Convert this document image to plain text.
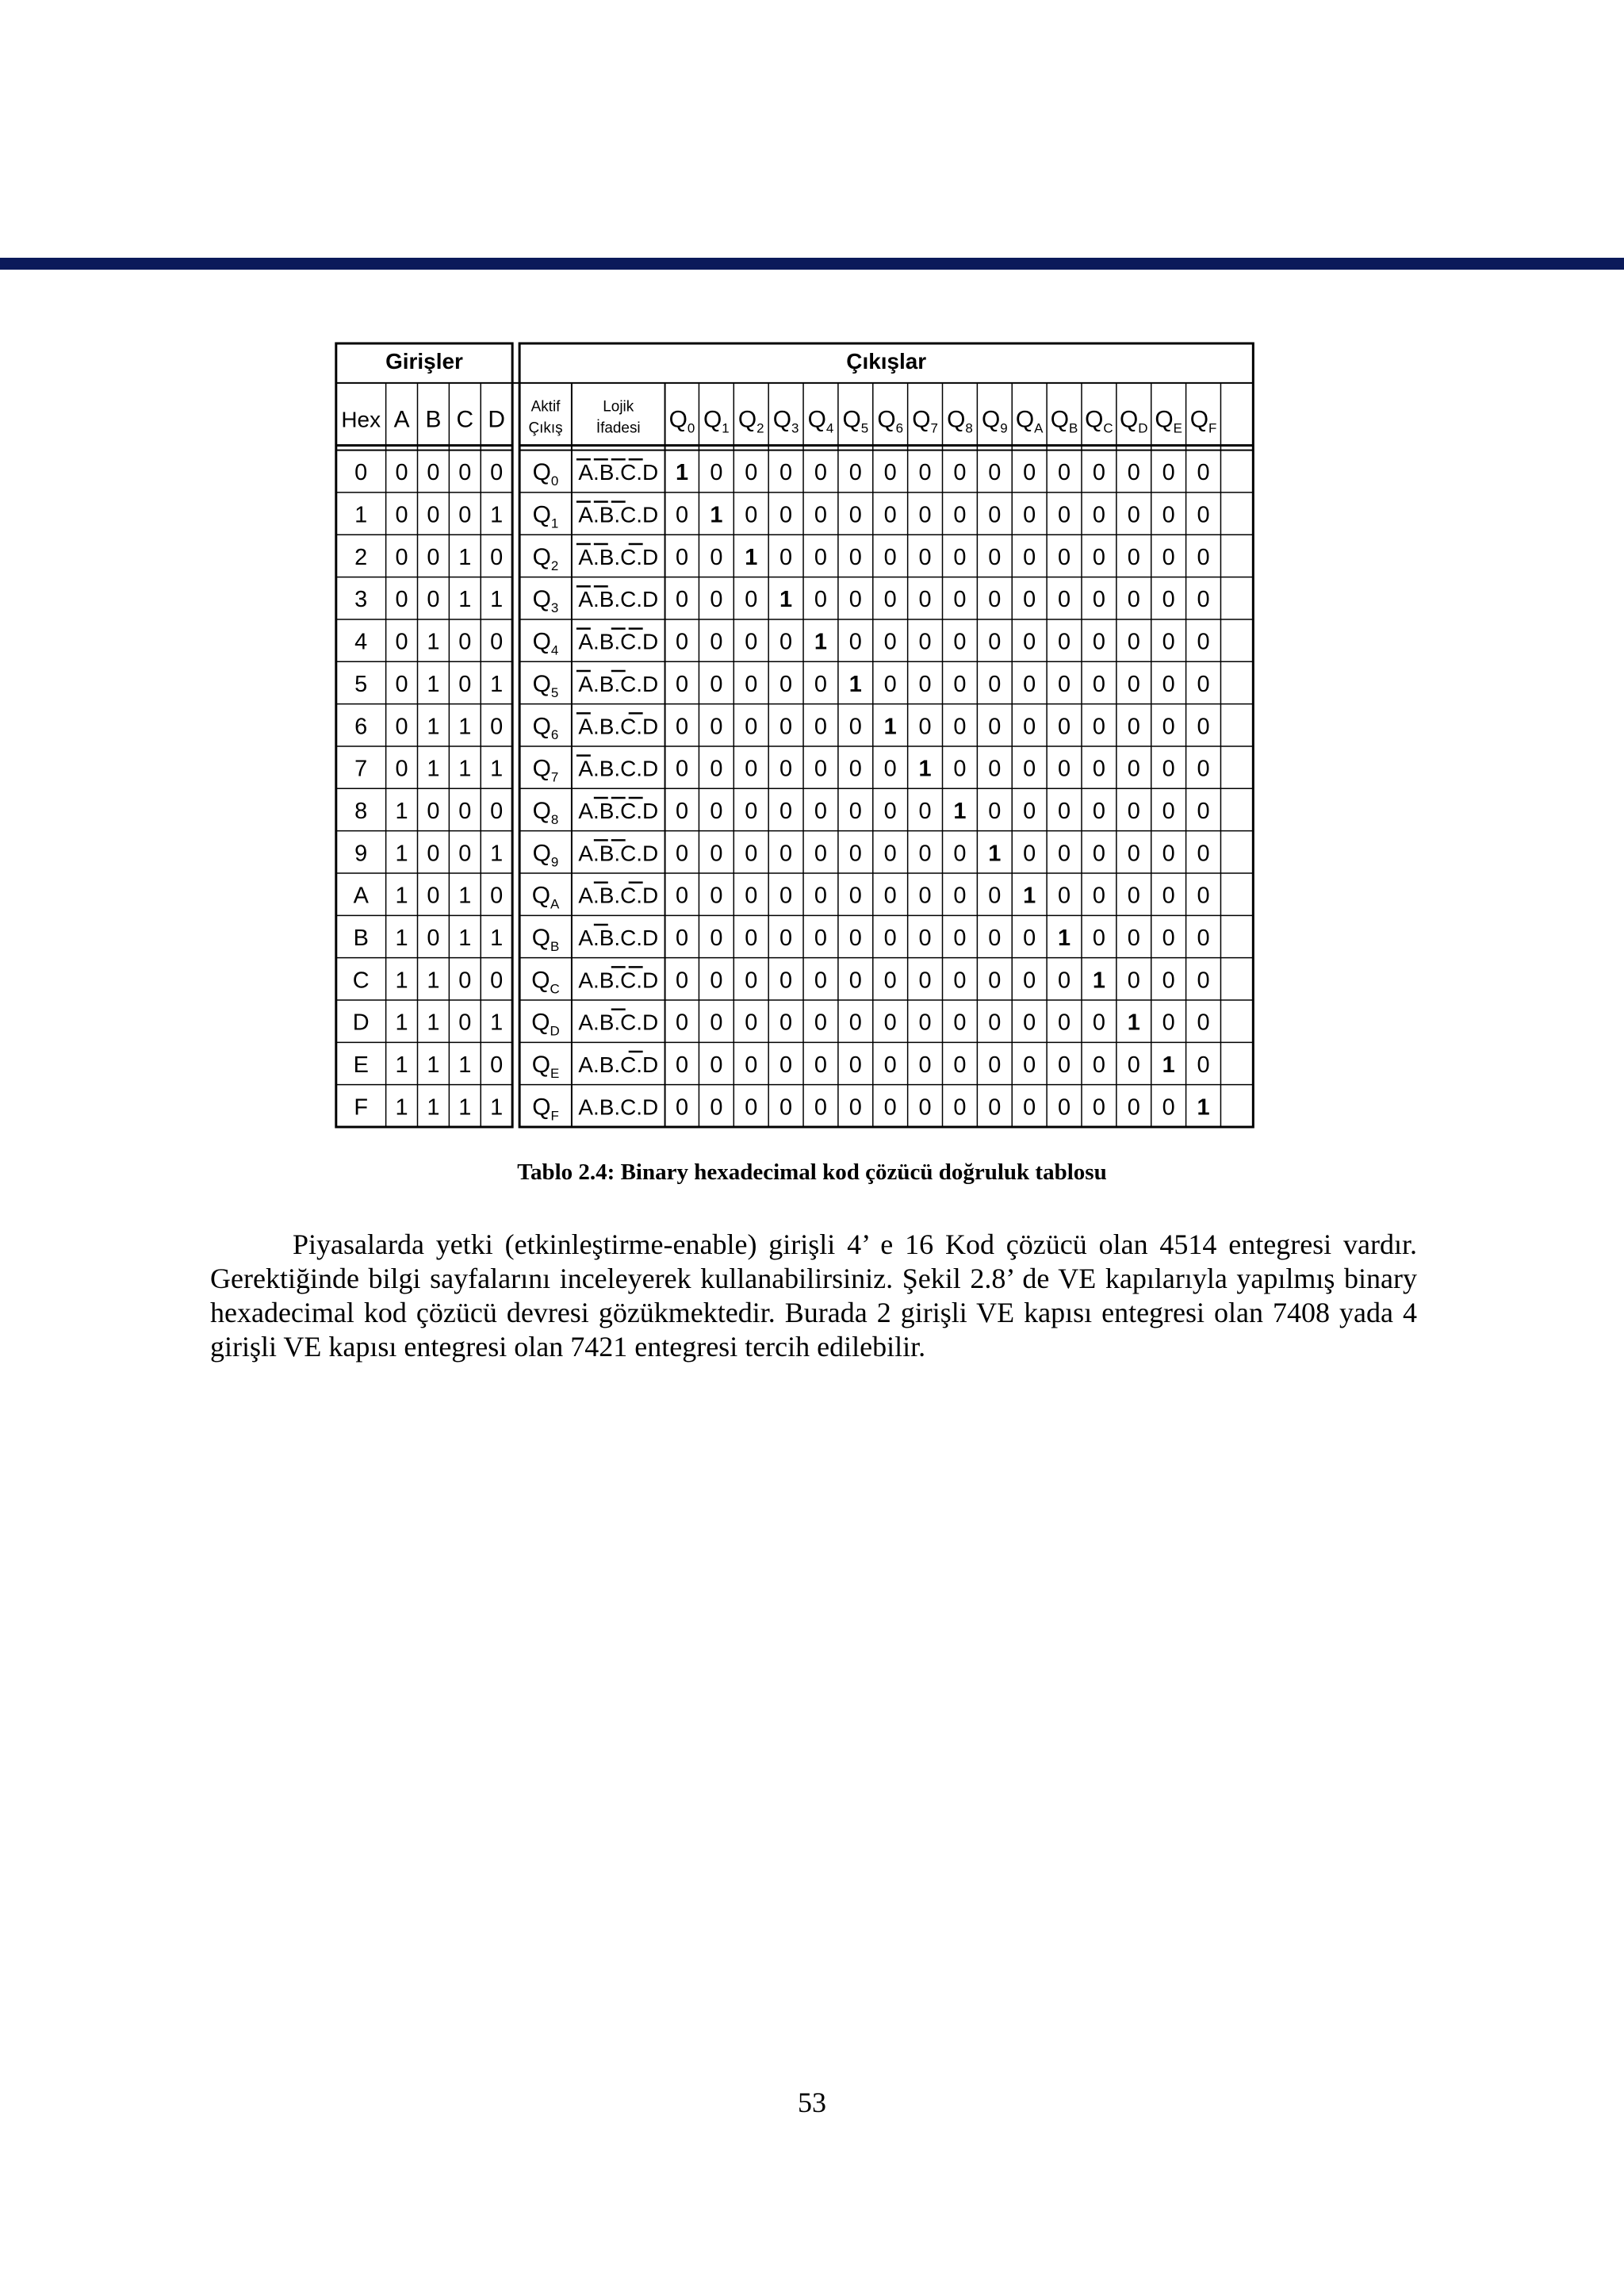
Girişler	Çıkışlar
Hex A B C D Aktif
Çıkış
Lojik
İfadesi $Q_0$ $Q_1$ $Q_2$ $Q_3$ $Q_4$ $Q_5$ $Q_6$ $Q_7$ $Q_8$ $Q_9$ $Q_A$ $Q_B$ $Q_C$ $Q_D$ $Q_E$ $Q_F$
0 0 0 0 0 $Q_0$ A.B.C.D 1 0 0 0 0 0 0 0 0 0 0 0 0 0 0 0
1 0 0 0 1 $Q_1$ A.B.C.D 0 1 0 0 0 0 0 0 0 0 0 0 0 0 0 0
2 0 0 1 0 $Q_2$ A.B.C.D 0 0 1 0 0 0 0 0 0 0 0 0 0 0 0 0
3 0 0 1 1 $Q_3$ A.B.C.D 0 0 0 1 0 0 0 0 0 0 0 0 0 0 0 0
4 0 1 0 0 $Q_4$ A.B.C.D 0 0 0 0 1 0 0 0 0 0 0 0 0 0 0 0
5 0 1 0 1 $Q_5$ A.B.C.D 0 0 0 0 0 1 0 0 0 0 0 0 0 0 0 0
6 0 1 1 0 $Q_6$ A.B.C.D 0 0 0 0 0 0 1 0 0 0 0 0 0 0 0 0
7 0 1 1 1 $Q_7$ A.B.C.D 0 0 0 0 0 0 0 1 0 0 0 0 0 0 0 0
8 1 0 0 0 $Q_8$ A.B.C.D 0 0 0 0 0 0 0 0 1 0 0 0 0 0 0 0
9 1 0 0 1 $Q_9$ A.B.C.D 0 0 0 0 0 0 0 0 0 1 0 0 0 0 0 0
A 1 0 1 0 $Q_A$ A.B.C.D 0 0 0 0 0 0 0 0 0 0 1 0 0 0 0 0
B 1 0 1 1 $Q_B$ A.B.C.D 0 0 0 0 0 0 0 0 0 0 0 1 0 0 0 0
C 1 1 0 0 $Q_C$ A.B.C.D 0 0 0 0 0 0 0 0 0 0 0 0 1 0 0 0
D 1 1 0 1 $Q_D$ A.B.C.D 0 0 0 0 0 0 0 0 0 0 0 0 0 1 0 0
E 1 1 1 0 $Q_E$ A.B.C.D 0 0 0 0 0 0 0 0 0 0 0 0 0 0 1 0
F 1 1 1 1 $Q_F$ A.B.C.D 0 0 0 0 0 0 0 0 0 0 0 0 0 0 0 1
Tablo 2.4: Binary hexadecimal kod çözücü doğruluk tablosu

Piyasalarda yetki (etkinleştirme-enable) girişli 4’ e 16 Kod çözücü olan 4514 entegresi vardır. Gerektiğinde bilgi sayfalarını inceleyerek kullanabilirsiniz. Şekil 2.8’ de VE kapılarıyla yapılmış binary hexadecimal kod çözücü devresi gözükmektedir. Burada 2 girişli VE kapısı entegresi olan 7408 yada 4 girişli VE kapısı entegresi olan 7421 entegresi tercih edilebilir.

53
